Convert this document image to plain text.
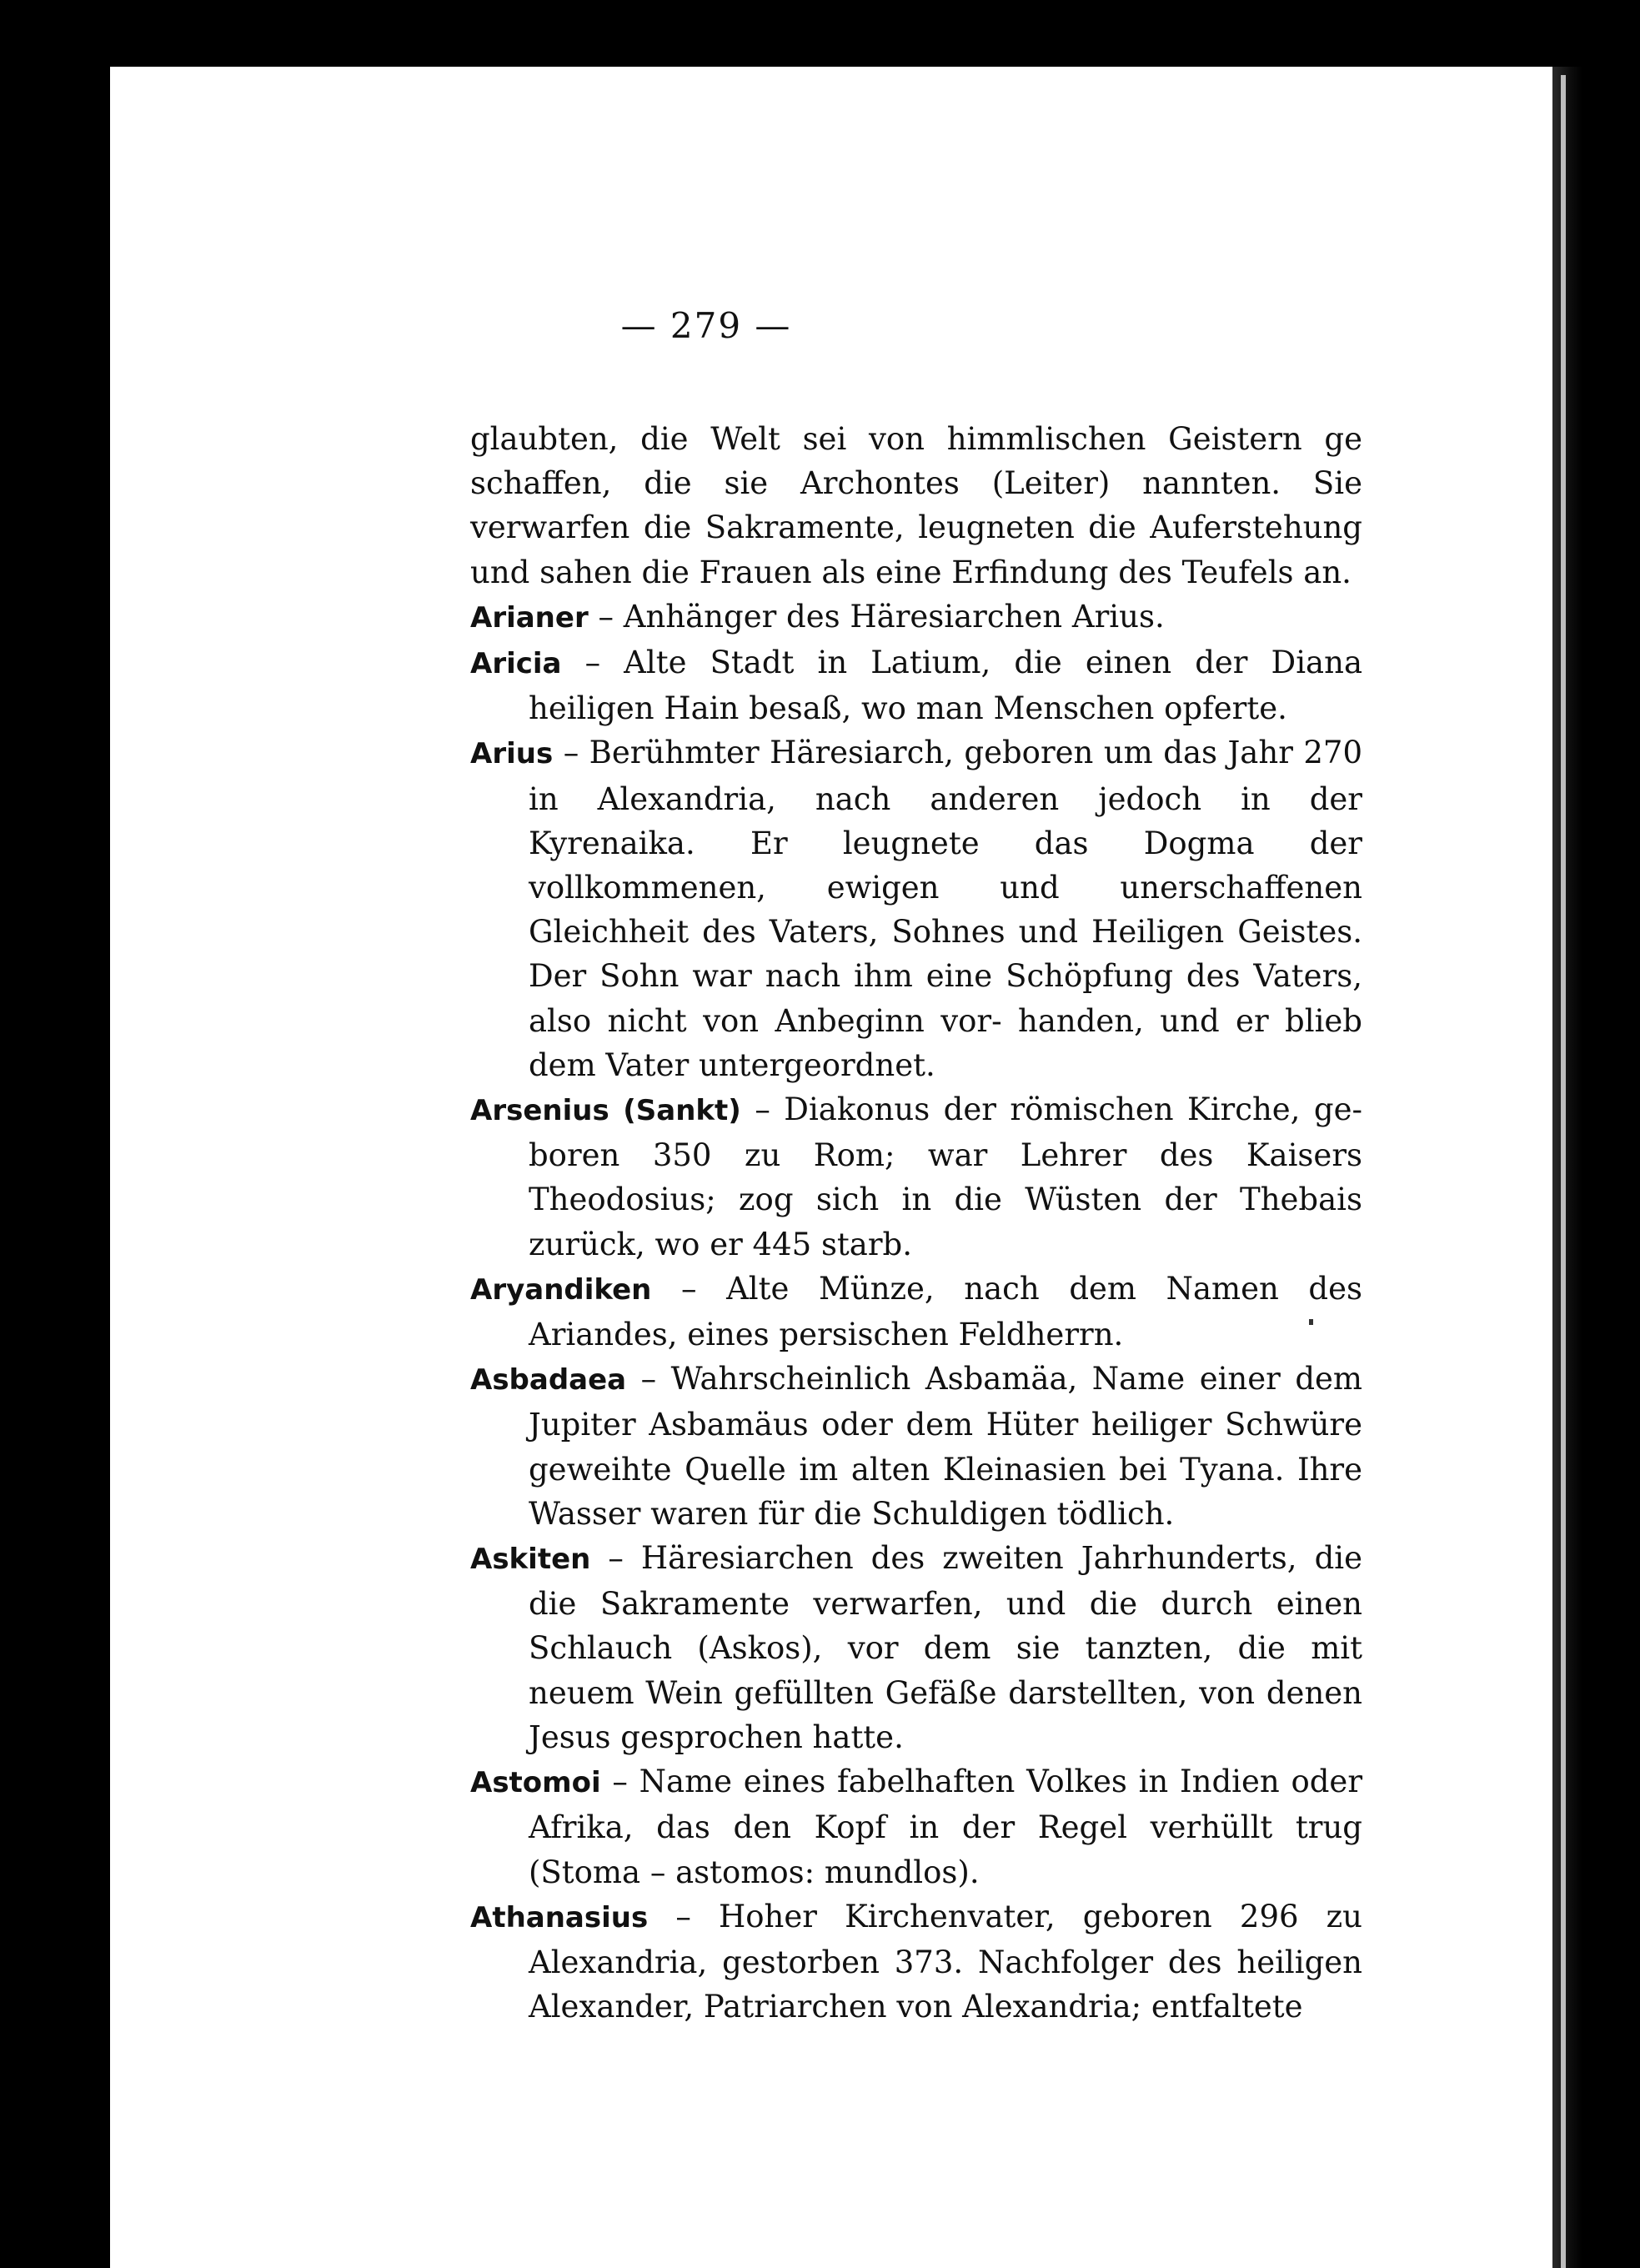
— 279 —

glaubten, die Welt sei von himmlischen Geistern ge schaffen, die sie Archontes (Leiter) nannten. Sie verwarfen die Sakramente, leugneten die Auferstehung und sahen die Frauen als eine Erfindung des Teufels an.

Arianer – Anhänger des Häresiarchen Arius.

Aricia – Alte Stadt in Latium, die einen der Diana heiligen Hain besaß, wo man Menschen opferte.

Arius – Berühmter Häresiarch, geboren um das Jahr 270 in Alexandria, nach anderen jedoch in der Kyrenaika. Er leugnete das Dogma der vollkommenen, ewigen und unerschaffenen Gleichheit des Vaters, Sohnes und Heiligen Geistes. Der Sohn war nach ihm eine Schöpfung des Vaters, also nicht von Anbeginn vor- handen, und er blieb dem Vater untergeordnet.

Arsenius (Sankt) – Diakonus der römischen Kirche, ge- boren 350 zu Rom; war Lehrer des Kaisers Theodosius; zog sich in die Wüsten der Thebais zurück, wo er 445 starb.

Aryandiken – Alte Münze, nach dem Namen des Ariandes, eines persischen Feldherrn.

Asbadaea – Wahrscheinlich Asbamäa, Name einer dem Jupiter Asbamäus oder dem Hüter heiliger Schwüre geweihte Quelle im alten Kleinasien bei Tyana. Ihre Wasser waren für die Schuldigen tödlich.

Askiten – Häresiarchen des zweiten Jahrhunderts, die die Sakramente verwarfen, und die durch einen Schlauch (Askos), vor dem sie tanzten, die mit neuem Wein gefüllten Gefäße darstellten, von denen Jesus gesprochen hatte.

Astomoi – Name eines fabelhaften Volkes in Indien oder Afrika, das den Kopf in der Regel verhüllt trug (Stoma – astomos: mundlos).

Athanasius – Hoher Kirchenvater, geboren 296 zu Alexandria, gestorben 373. Nachfolger des heiligen Alexander, Patriarchen von Alexandria; entfaltete
